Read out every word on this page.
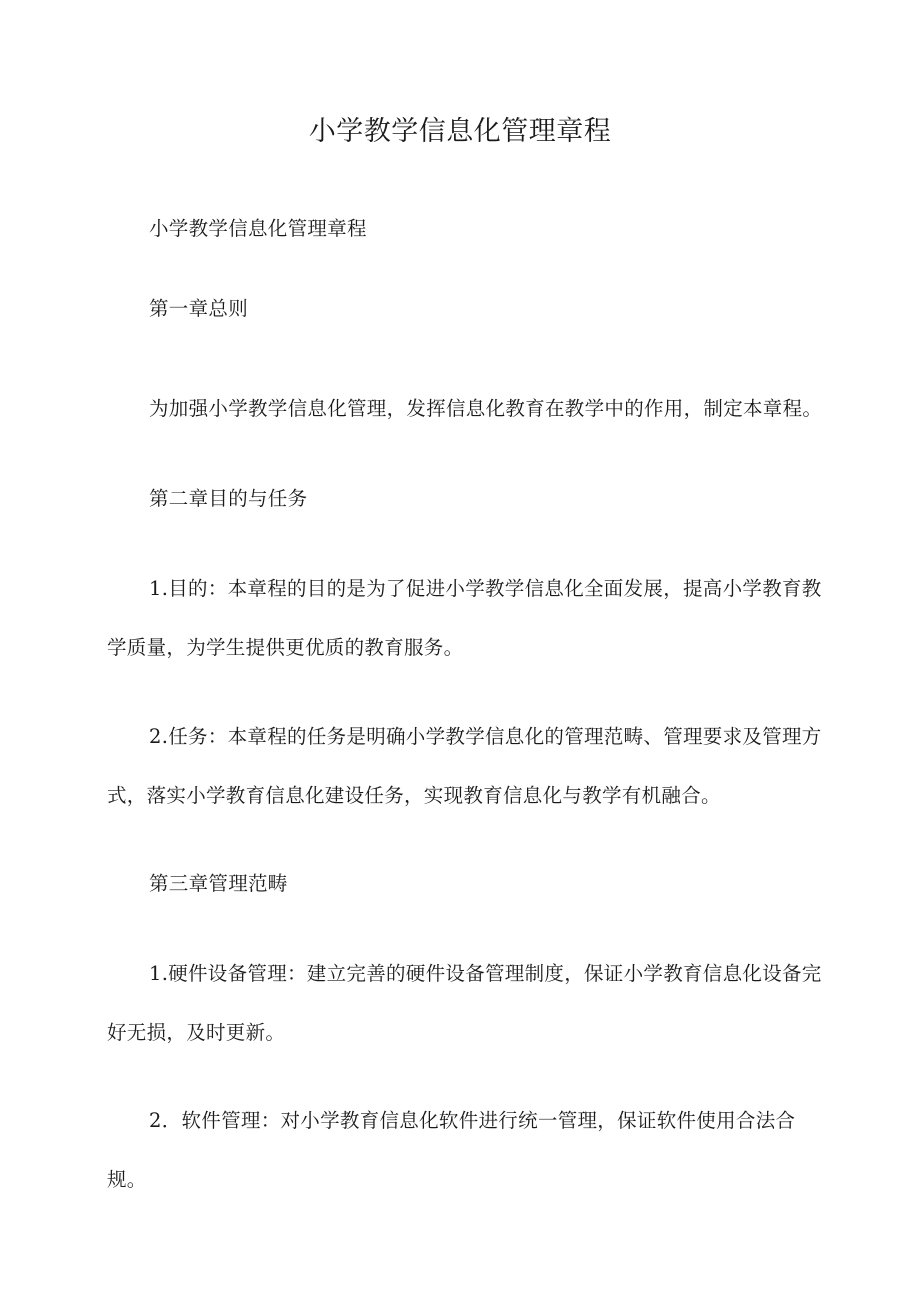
小学教学信息化管理章程

小学教学信息化管理章程

第一章总则

为加强小学教学信息化管理，发挥信息化教育在教学中的作用，制定本章程。

第二章目的与任务

1.目的：本章程的目的是为了促进小学教学信息化全面发展，提高小学教育教学质量，为学生提供更优质的教育服务。

2.任务：本章程的任务是明确小学教学信息化的管理范畴、管理要求及管理方式，落实小学教育信息化建设任务，实现教育信息化与教学有机融合。

第三章管理范畴

1.硬件设备管理：建立完善的硬件设备管理制度，保证小学教育信息化设备完好无损，及时更新。

2．软件管理：对小学教育信息化软件进行统一管理，保证软件使用合法合规。
